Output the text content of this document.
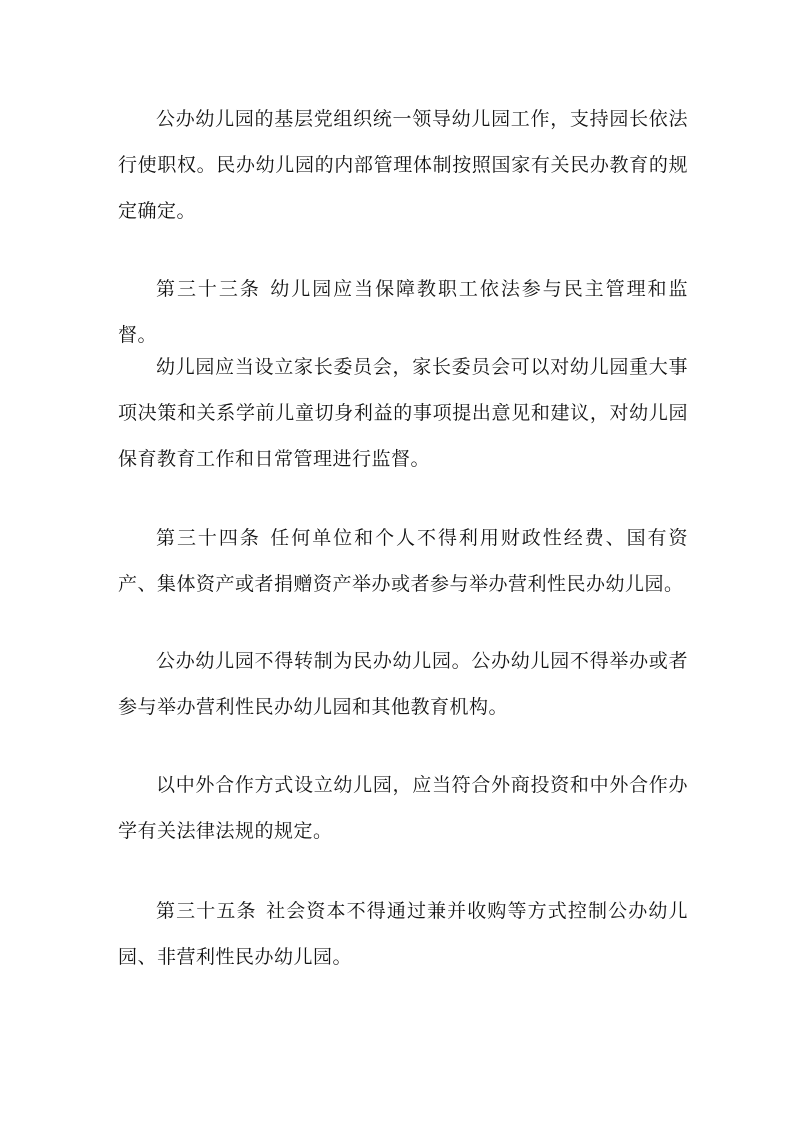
公办幼儿园的基层党组织统一领导幼儿园工作，支持园长依法行使职权。民办幼儿园的内部管理体制按照国家有关民办教育的规定确定。

第三十三条 幼儿园应当保障教职工依法参与民主管理和监督。

幼儿园应当设立家长委员会，家长委员会可以对幼儿园重大事项决策和关系学前儿童切身利益的事项提出意见和建议，对幼儿园保育教育工作和日常管理进行监督。

第三十四条 任何单位和个人不得利用财政性经费、国有资产、集体资产或者捐赠资产举办或者参与举办营利性民办幼儿园。

公办幼儿园不得转制为民办幼儿园。公办幼儿园不得举办或者参与举办营利性民办幼儿园和其他教育机构。

以中外合作方式设立幼儿园，应当符合外商投资和中外合作办学有关法律法规的规定。

第三十五条 社会资本不得通过兼并收购等方式控制公办幼儿园、非营利性民办幼儿园。
